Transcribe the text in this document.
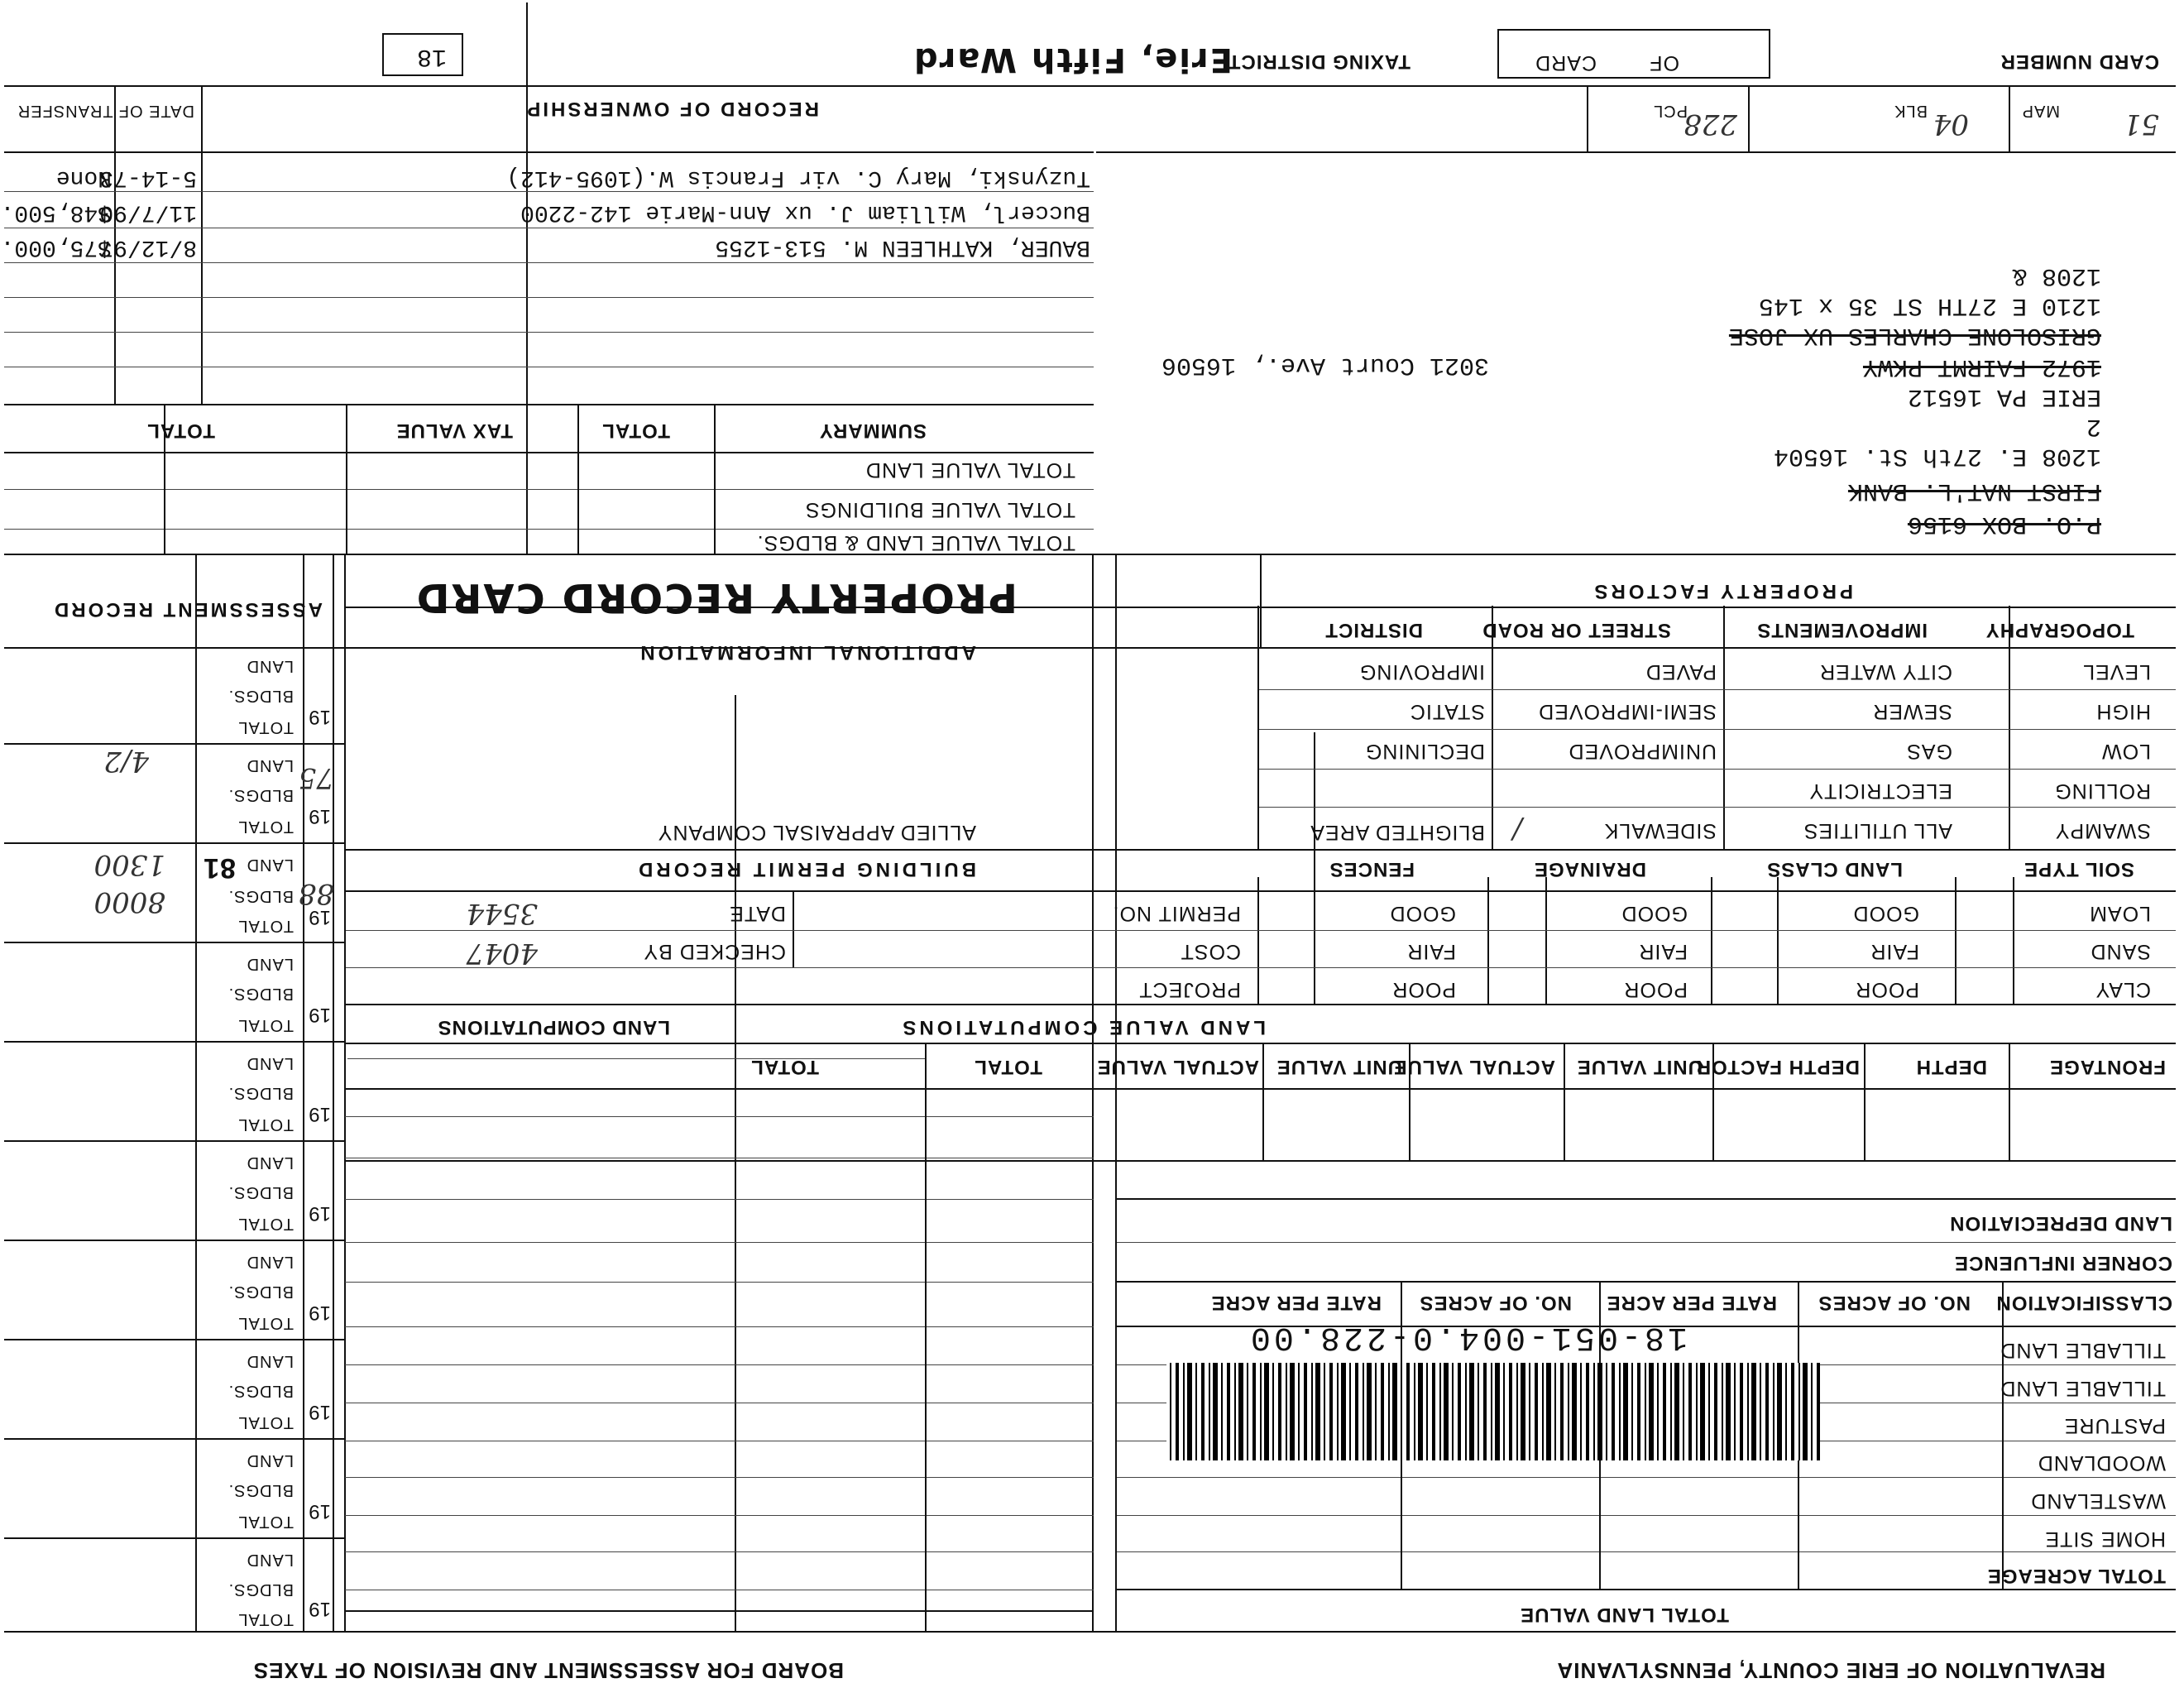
REVALUATION OF ERIE COUNTY, PENNSYLVANIA
BOARD FOR ASSESSMENT AND REVISION OF TAXES
TOTAL LAND VALUE
TOTAL ACREAGE
HOME SITE
WASTELAND
WOODLAND
PASTURE
TILLABLE LAND
TILLABLE LAND
CLASSIFICATION
NO. OF ACRES
RATE PER ACRE
NO. OF ACRES
RATE PER ACRE
CORNER INFLUENCE
LAND DEPRECIATION
18-051-004.0-228.00
FRONTAGE
DEPTH
DEPTH FACTOR
UNIT VALUE
ACTUAL VALUE
UNIT VALUE
ACTUAL VALUE
TOTAL
TOTAL
LAND VALUE COMPUTATIONS
LAND COMPUTATIONS
CLAY
SAND
LOAM
POOR
FAIR
GOOD
POOR
FAIR
GOOD
POOR
FAIR
GOOD
PROJECT
COST
PERMIT NO.
CHECKED BY
DATE
4047
3544
SOIL TYPE
LAND CLASS
DRAINAGE
FENCES
BUILDING PERMIT RECORD
ALLIED APPRAISAL COMPANY	SWAMPY
ROLLING
LOW
HIGH
LEVEL
ALL UTILITIES
ELECTRICITY
GAS
SEWER
CITY WATER
SIDEWALK
UNIMPROVED
SEMI-IMPROVED
PAVED
/
BLIGHTED AREA
DECLINING
STATIC
IMPROVING
TOPOGRAPHY
IMPROVEMENTS
STREET OR ROAD
DISTRICT
ADDITIONAL INFORMATION
PROPERTY FACTORS
PROPERTY RECORD CARD
ASSESSMENT RECORD
19
LAND
BLDGS.
TOTAL
19
LAND
BLDGS.
TOTAL
75
4/2
19
LAND
BLDGS.
TOTAL
88
1300
8000
81
19
LAND
BLDGS.
TOTAL
19
LAND
BLDGS.
TOTAL
19
LAND
BLDGS.
TOTAL
19
LAND
BLDGS.
TOTAL
19
LAND
BLDGS.
TOTAL
19
LAND
BLDGS.
TOTAL
19
LAND
BLDGS.
TOTAL
SUMMARY
TOTAL
TAX VALUE
TOTAL
TOTAL VALUE LAND
TOTAL VALUE BUILDINGS
TOTAL VALUE LAND & BLDGS.
P.O. BOX 6156
FIRST NAT'L. BANK
1208 E. 27th St. 16504
2
ERIE PA 16512
1972 FAIRMT PKWY
GRISOLONE CHARLES UX JOSE
1210 E 27TH ST 35 x 145
1208 &
3021 Court Ave., 16506
MAP 51
BLK 04
PCL
228
RECORD OF OWNERSHIP
DATE OF TRANSFER
Tuzynski, Mary C. vir Francis W.(1095-412)
5-14-73
None
Buccerl, William J. ux Ann-Marie 142-2200
11/7/90
$48,500.
BAUER, KATHLEEN M. 513-1255
8/12/97
$75,000.
CARD NUMBER
CARD	OF
TAXING DISTRICT
Erie, Fifth Ward
18
